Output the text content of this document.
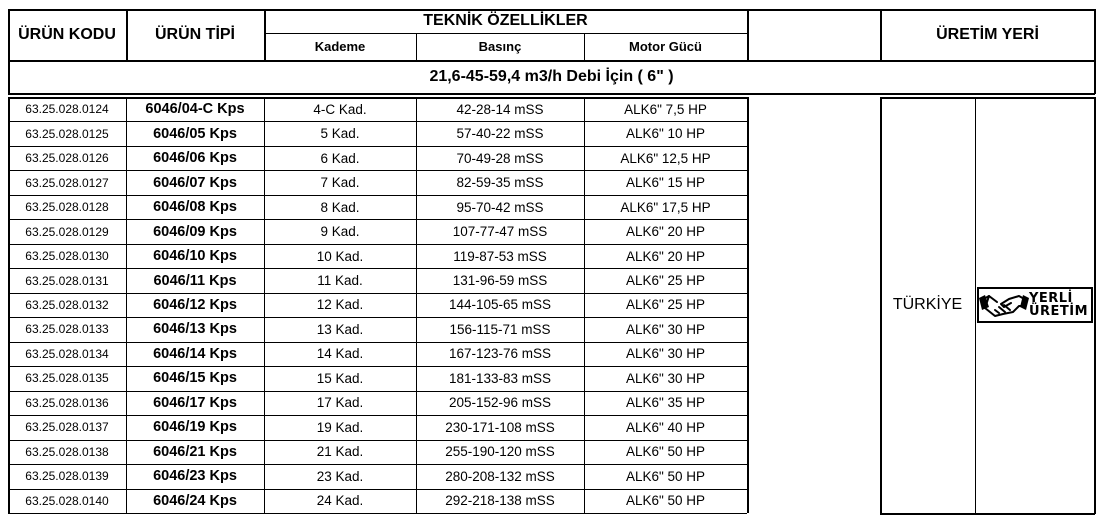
ÜRÜN KODU	ÜRÜN TİPİ
TEKNİK ÖZELLİKLER
Kademe	Basınç	Motor Gücü
ÜRETİM YERİ
21,6-45-59,4 m3/h Debi İçin ( 6" )
63.25.028.0124	6046/04-C Kps	4-C Kad.	42-28-14 mSS	ALK6" 7,5 HP
63.25.028.0125	6046/05 Kps	5 Kad.	57-40-22 mSS	ALK6" 10 HP
63.25.028.0126	6046/06 Kps	6 Kad.	70-49-28 mSS	ALK6" 12,5 HP
63.25.028.0127	6046/07 Kps	7 Kad.	82-59-35 mSS	ALK6" 15 HP
63.25.028.0128	6046/08 Kps	8 Kad.	95-70-42 mSS	ALK6" 17,5 HP
63.25.028.0129	6046/09 Kps	9 Kad.	107-77-47 mSS	ALK6" 20 HP
63.25.028.0130	6046/10 Kps	10 Kad.	119-87-53 mSS	ALK6" 20 HP
63.25.028.0131	6046/11 Kps	11 Kad.	131-96-59 mSS	ALK6" 25 HP
63.25.028.0132	6046/12 Kps	12 Kad.	144-105-65 mSS	ALK6" 25 HP
63.25.028.0133	6046/13 Kps	13 Kad.	156-115-71 mSS	ALK6" 30 HP
63.25.028.0134	6046/14 Kps	14 Kad.	167-123-76 mSS	ALK6" 30 HP
63.25.028.0135	6046/15 Kps	15 Kad.	181-133-83 mSS	ALK6" 30 HP
63.25.028.0136	6046/17 Kps	17 Kad.	205-152-96 mSS	ALK6" 35 HP
63.25.028.0137	6046/19 Kps	19 Kad.	230-171-108 mSS	ALK6" 40 HP
63.25.028.0138	6046/21 Kps	21 Kad.	255-190-120 mSS	ALK6" 50 HP
63.25.028.0139	6046/23 Kps	23 Kad.	280-208-132 mSS	ALK6" 50 HP
63.25.028.0140	6046/24 Kps	24 Kad.	292-218-138 mSS	ALK6" 50 HP
TÜRKİYE	YERLİ
ÜRETİM
